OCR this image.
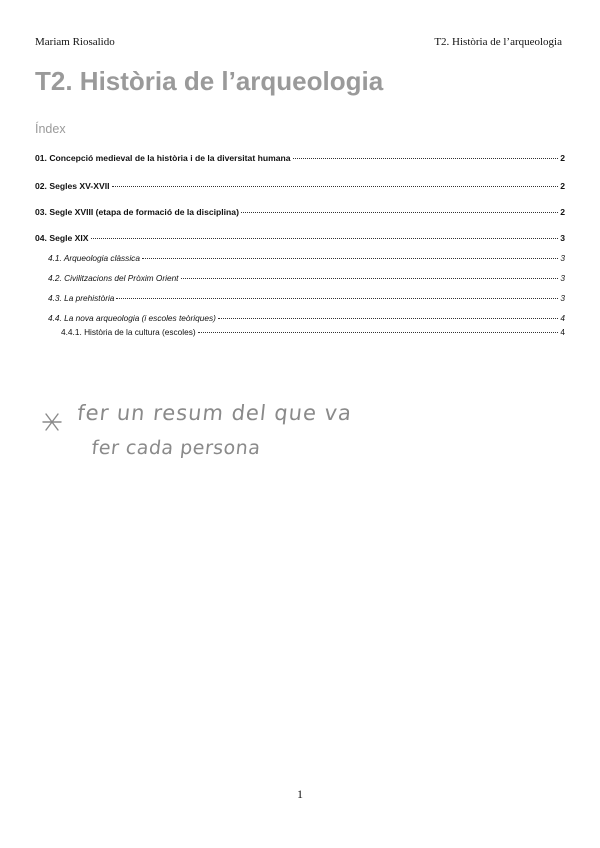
Mariam Riosalido	T2. Història de l’arqueologia
T2. Història de l’arqueologia
Índex
01. Concepció medieval de la història i de la diversitat humana	2
02. Segles XV-XVII	2
03. Segle XVIII (etapa de formació de la disciplina)	2
04. Segle XIX	3
4.1. Arqueologia clàssica	3
4.2. Civilitzacions del Pròxim Orient	3
4.3. La prehistòria	3
4.4. La nova arqueologia (i escoles teòriques)	4
4.4.1. Història de la cultura (escoles)	4
fer un resum del que va
fer cada persona
1
